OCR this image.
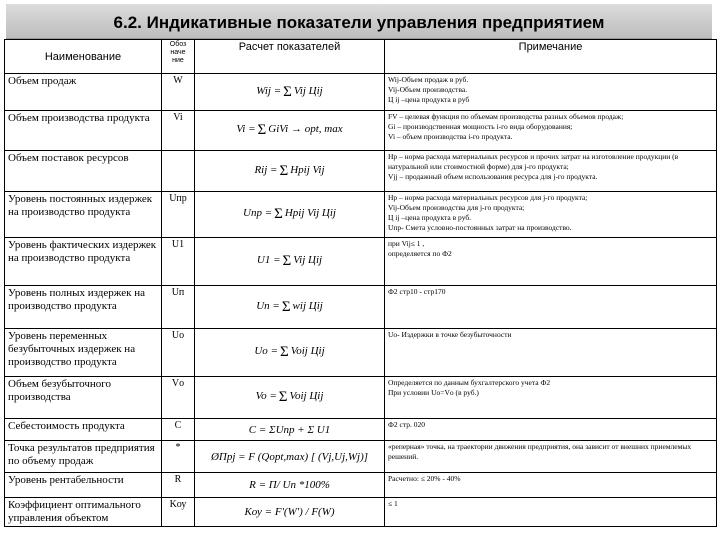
6.2. Индикативные показатели управления предприятием
Наименование	Обоз наче ние	Расчет показателей	Примечание
Объем продаж	W	Wij = Σ Vij Цij	Wij-Объем продаж в руб.
Vij-Объем производства.
Ц ij –цена продукта в руб

Объем производства продукта	Vi	Vi = Σ GiVi → opt, max	FV – целевая функция по объемам производства разных объемов продаж;
Gi – производственная мощность i-го вида оборудования;
Vi – объем производства i-го продукта.

Объем поставок ресурсов		Rij = Σ Hpij Vij	Нр – норма расхода материальных ресурсов и прочих затрат на изготовление продукции (в натуральной или стоимостной форме) для j-го продукта;
Vjj – продажный объем использования ресурса для j-го продукта.

Уровень постоянных издержек на производство продукта	Uпр	Uпр = Σ Hpij Vij Цij	Нр – норма расхода материальных ресурсов для j-го продукта;
Vij-Объем производства для j-го продукта;
Ц ij –цена продукта в руб.
Uпр- Смета условно-постоянных затрат на производство.

Уровень фактических издержек на производство продукта	U1	U1 = Σ Vij Цij	при Vij≤ 1 ,
определяется по Ф2

Уровень полных издержек на производство продукта	Uп	Uп = Σ wij Цij	Ф2 стр10 - стр170

Уровень переменных безубыточных издержек на производство продукта	Uо	Uо = Σ Voij Цij	Uо- Издержки в точке безубыточности

Объем безубыточного производства	Vо	Vo = Σ Voij Цij	Определяется по данным бухгалтерского учета Ф2
При условии Uо=Vо (в руб.)

Себестоимость продукта	С	C = ΣUпр + Σ U1	Ф2 стр. 020

Точка результатов предприятия по объему продаж	*	ØПрj = F (Qopt,max) [ (Vj,Uj,Wj)]	«реперная» точка, на траектории движения предприятия, она зависит от внешних приемлемых решений.

Уровень рентабельности	R	R = П/ Uп *100%	Расчетно: ≤ 20% - 40%

Коэффициент оптимального управления объектом	Kоу	Kоу = F'(W') / F(W)	≤ 1
